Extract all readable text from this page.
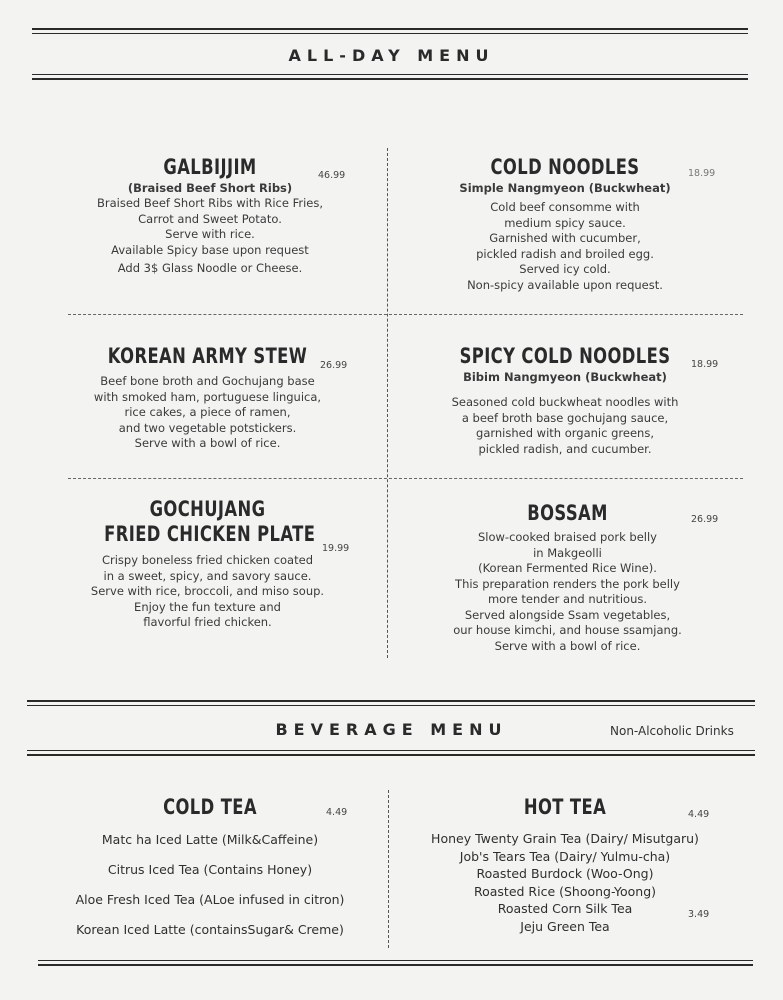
ALL-DAY MENU
GALBIJJIM
(Braised Beef Short Ribs)
Braised Beef Short Ribs with Rice Fries,
Carrot and Sweet Potato.
Serve with rice.
Available Spicy base upon request
Add 3$ Glass Noodle or Cheese.
46.99	COLD NOODLES
Simple Nangmyeon (Buckwheat)
Cold beef consomme with
medium spicy sauce.
Garnished with cucumber,
pickled radish and broiled egg.
Served icy cold.
Non-spicy available upon request.
18.99
KOREAN ARMY STEW
Beef bone broth and Gochujang base
with smoked ham, portuguese linguica,
rice cakes, a piece of ramen,
and two vegetable potstickers.
Serve with a bowl of rice.
26.99	SPICY COLD NOODLES
Bibim Nangmyeon (Buckwheat)
Seasoned cold buckwheat noodles with
a beef broth base gochujang sauce,
garnished with organic greens,
pickled radish, and cucumber.
18.99
GOCHUJANG
FRIED CHICKEN PLATE
Crispy boneless fried chicken coated
in a sweet, spicy, and savory sauce.
Serve with rice, broccoli, and miso soup.
Enjoy the fun texture and
flavorful fried chicken.
19.99
BOSSAM
Slow-cooked braised pork belly
in Makgeolli
(Korean Fermented Rice Wine).
This preparation renders the pork belly
more tender and nutritious.
Served alongside Ssam vegetables,
our house kimchi, and house ssamjang.
Serve with a bowl of rice.
26.99
BEVERAGE MENU	Non-Alcoholic Drinks
COLD TEA
Matc ha Iced Latte (Milk&Caffeine)
Citrus Iced Tea (Contains Honey)
Aloe Fresh Iced Tea (ALoe infused in citron)
Korean Iced Latte (containsSugar& Creme)
4.49	HOT TEA
Honey Twenty Grain Tea (Dairy/ Misutgaru)
Job's Tears Tea (Dairy/ Yulmu-cha)
Roasted Burdock (Woo-Ong)
Roasted Rice (Shoong-Yoong)
Roasted Corn Silk Tea
Jeju Green Tea
4.49
3.49
